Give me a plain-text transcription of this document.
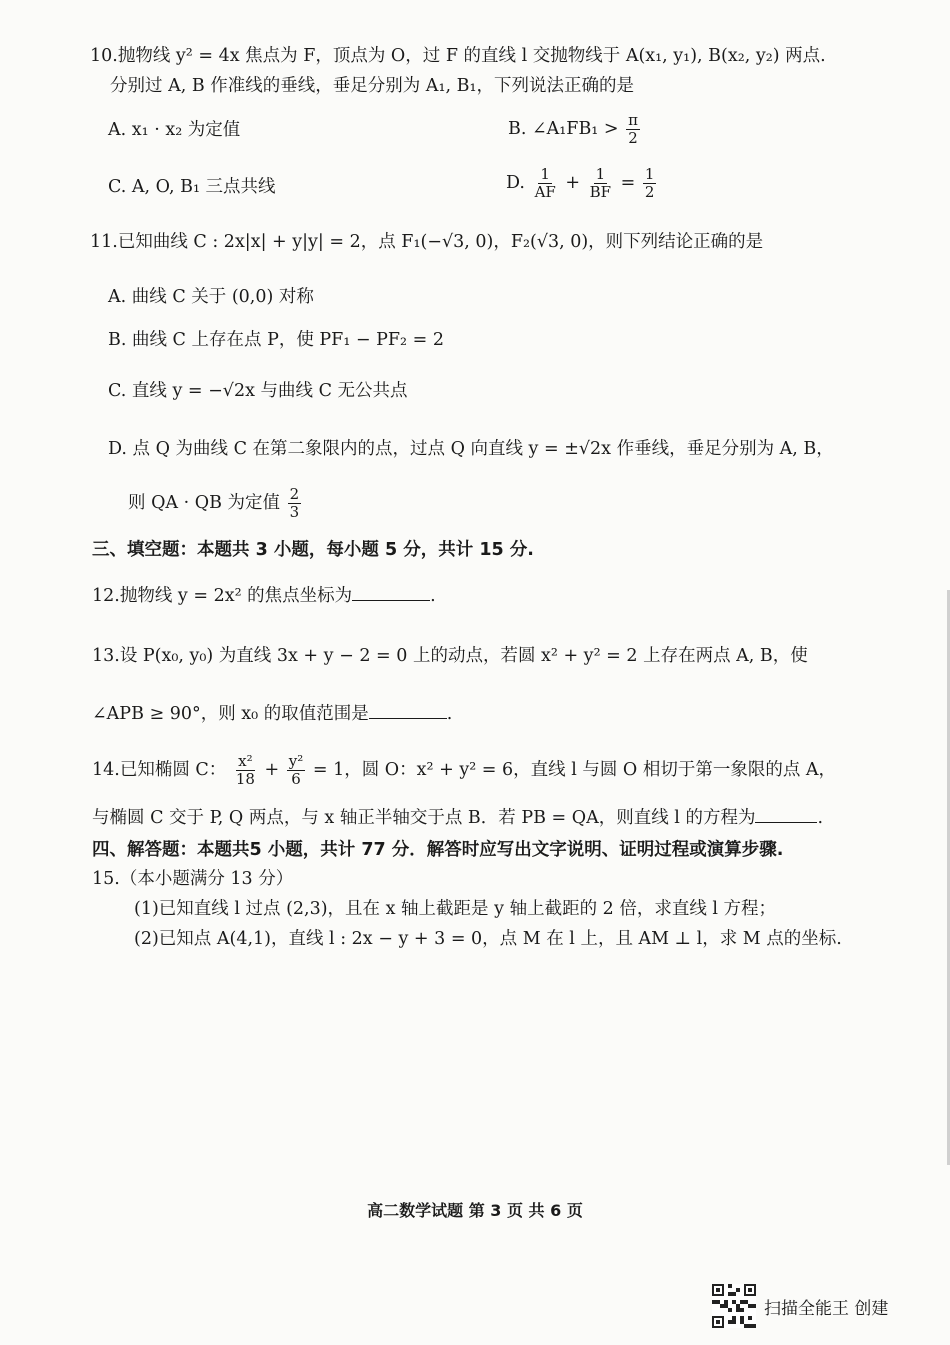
10.抛物线 y² = 4x 焦点为 F，顶点为 O，过 F 的直线 l 交抛物线于 A(x₁, y₁), B(x₂, y₂) 两点.
分别过 A, B 作准线的垂线，垂足分别为 A₁, B₁，下列说法正确的是
A. x₁ · x₂ 为定值	B. ∠A₁FB₁ > $\frac{\pi}{2}$
C. A, O, B₁ 三点共线	D. $\frac{1}{AF} + \frac{1}{BF} = \frac{1}{2}$
11.已知曲线 C : 2x|x| + y|y| = 2，点 F₁(−√3, 0)，F₂(√3, 0)，则下列结论正确的是
A. 曲线 C 关于 (0,0) 对称
B. 曲线 C 上存在点 P，使 PF₁ − PF₂ = 2
C. 直线 y = −√2x 与曲线 C 无公共点
D. 点 Q 为曲线 C 在第二象限内的点，过点 Q 向直线 y = ±√2x 作垂线，垂足分别为 A, B，
则 QA · QB 为定值 $\frac{2}{3}$
三、填空题：本题共 3 小题，每小题 5 分，共计 15 分.
12.抛物线 y = 2x² 的焦点坐标为	.
13.设 P(x₀, y₀) 为直线 3x + y − 2 = 0 上的动点，若圆 x² + y² = 2 上存在两点 A, B，使
∠APB ≥ 90°，则 x₀ 的取值范围是	.
14.已知椭圆 C： $\frac{\text{x²}}{18} + \frac{\text{y²}}{6} = 1$，圆 O：x² + y² = 6，直线 l 与圆 O 相切于第一象限的点 A，
与椭圆 C 交于 P, Q 两点，与 x 轴正半轴交于点 B．若 PB = QA，则直线 l 的方程为	.
四、解答题：本题共5 小题，共计 77 分．解答时应写出文字说明、证明过程或演算步骤.
15.（本小题满分 13 分）
(1)已知直线 l 过点 (2,3)，且在 x 轴上截距是 y 轴上截距的 2 倍，求直线 l 方程；
(2)已知点 A(4,1)，直线 l : 2x − y + 3 = 0，点 M 在 l 上，且 AM ⊥ l，求 M 点的坐标.
高二数学试题 第 3 页 共 6 页
扫描全能王 创建
